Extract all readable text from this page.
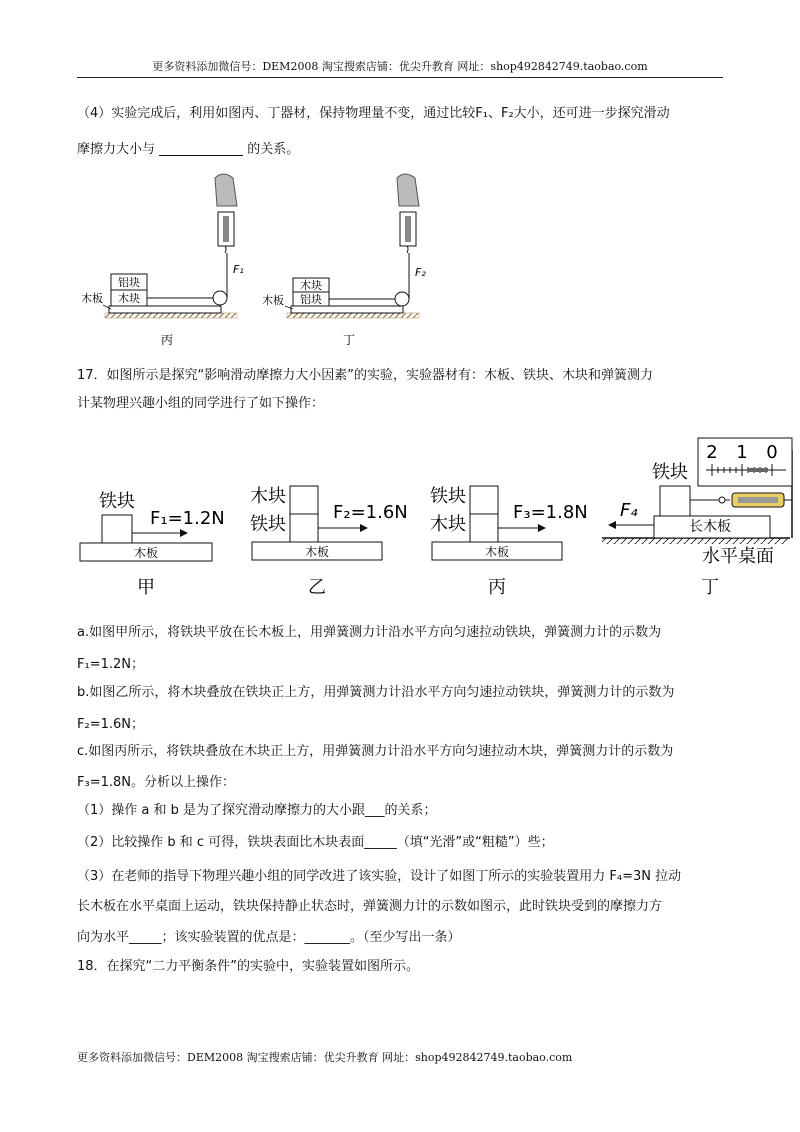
更多资料添加微信号：DEM2008 淘宝搜索店铺：优尖升教育 网址：shop492842749.taobao.com
（4）实验完成后，利用如图丙、丁器材，保持物理量不变，通过比较F₁、F₂大小，还可进一步探究滑动
摩擦力大小与	的关系。
铝块
木块
木板
F₁
丙
木块
铝块
木板
F₂
丁
17．如图所示是探究“影响滑动摩擦力大小因素”的实验，实验器材有：木板、铁块、木块和弹簧测力
计某物理兴趣小组的同学进行了如下操作：
木板
铁块
F₁=1.2N
甲
木板
木块
铁块
F₂=1.6N
乙
木板
铁块
木块
F₃=1.8N
丙
长木板
铁块
F₄
2 1 0
水平桌面
丁
a.如图甲所示，将铁块平放在长木板上，用弹簧测力计沿水平方向匀速拉动铁块，弹簧测力计的示数为
F₁=1.2N；
b.如图乙所示，将木块叠放在铁块正上方，用弹簧测力计沿水平方向匀速拉动铁块，弹簧测力计的示数为
F₂=1.6N；
c.如图丙所示，将铁块叠放在木块正上方，用弹簧测力计沿水平方向匀速拉动木块，弹簧测力计的示数为
F₃=1.8N。分析以上操作：
（1）操作 a 和 b 是为了探究滑动摩擦力的大小跟___的关系；
（2）比较操作 b 和 c 可得，铁块表面比木块表面_____（填“光滑”或“粗糙”）些；
（3）在老师的指导下物理兴趣小组的同学改进了该实验，设计了如图丁所示的实验装置用力 F₄=3N 拉动
长木板在水平桌面上运动，铁块保持静止状态时，弹簧测力计的示数如图示，此时铁块受到的摩擦力方
向为水平_____；该实验装置的优点是：_______。（至少写出一条）
18．在探究“二力平衡条件”的实验中，实验装置如图所示。
更多资料添加微信号：DEM2008 淘宝搜索店铺：优尖升教育 网址：shop492842749.taobao.com
